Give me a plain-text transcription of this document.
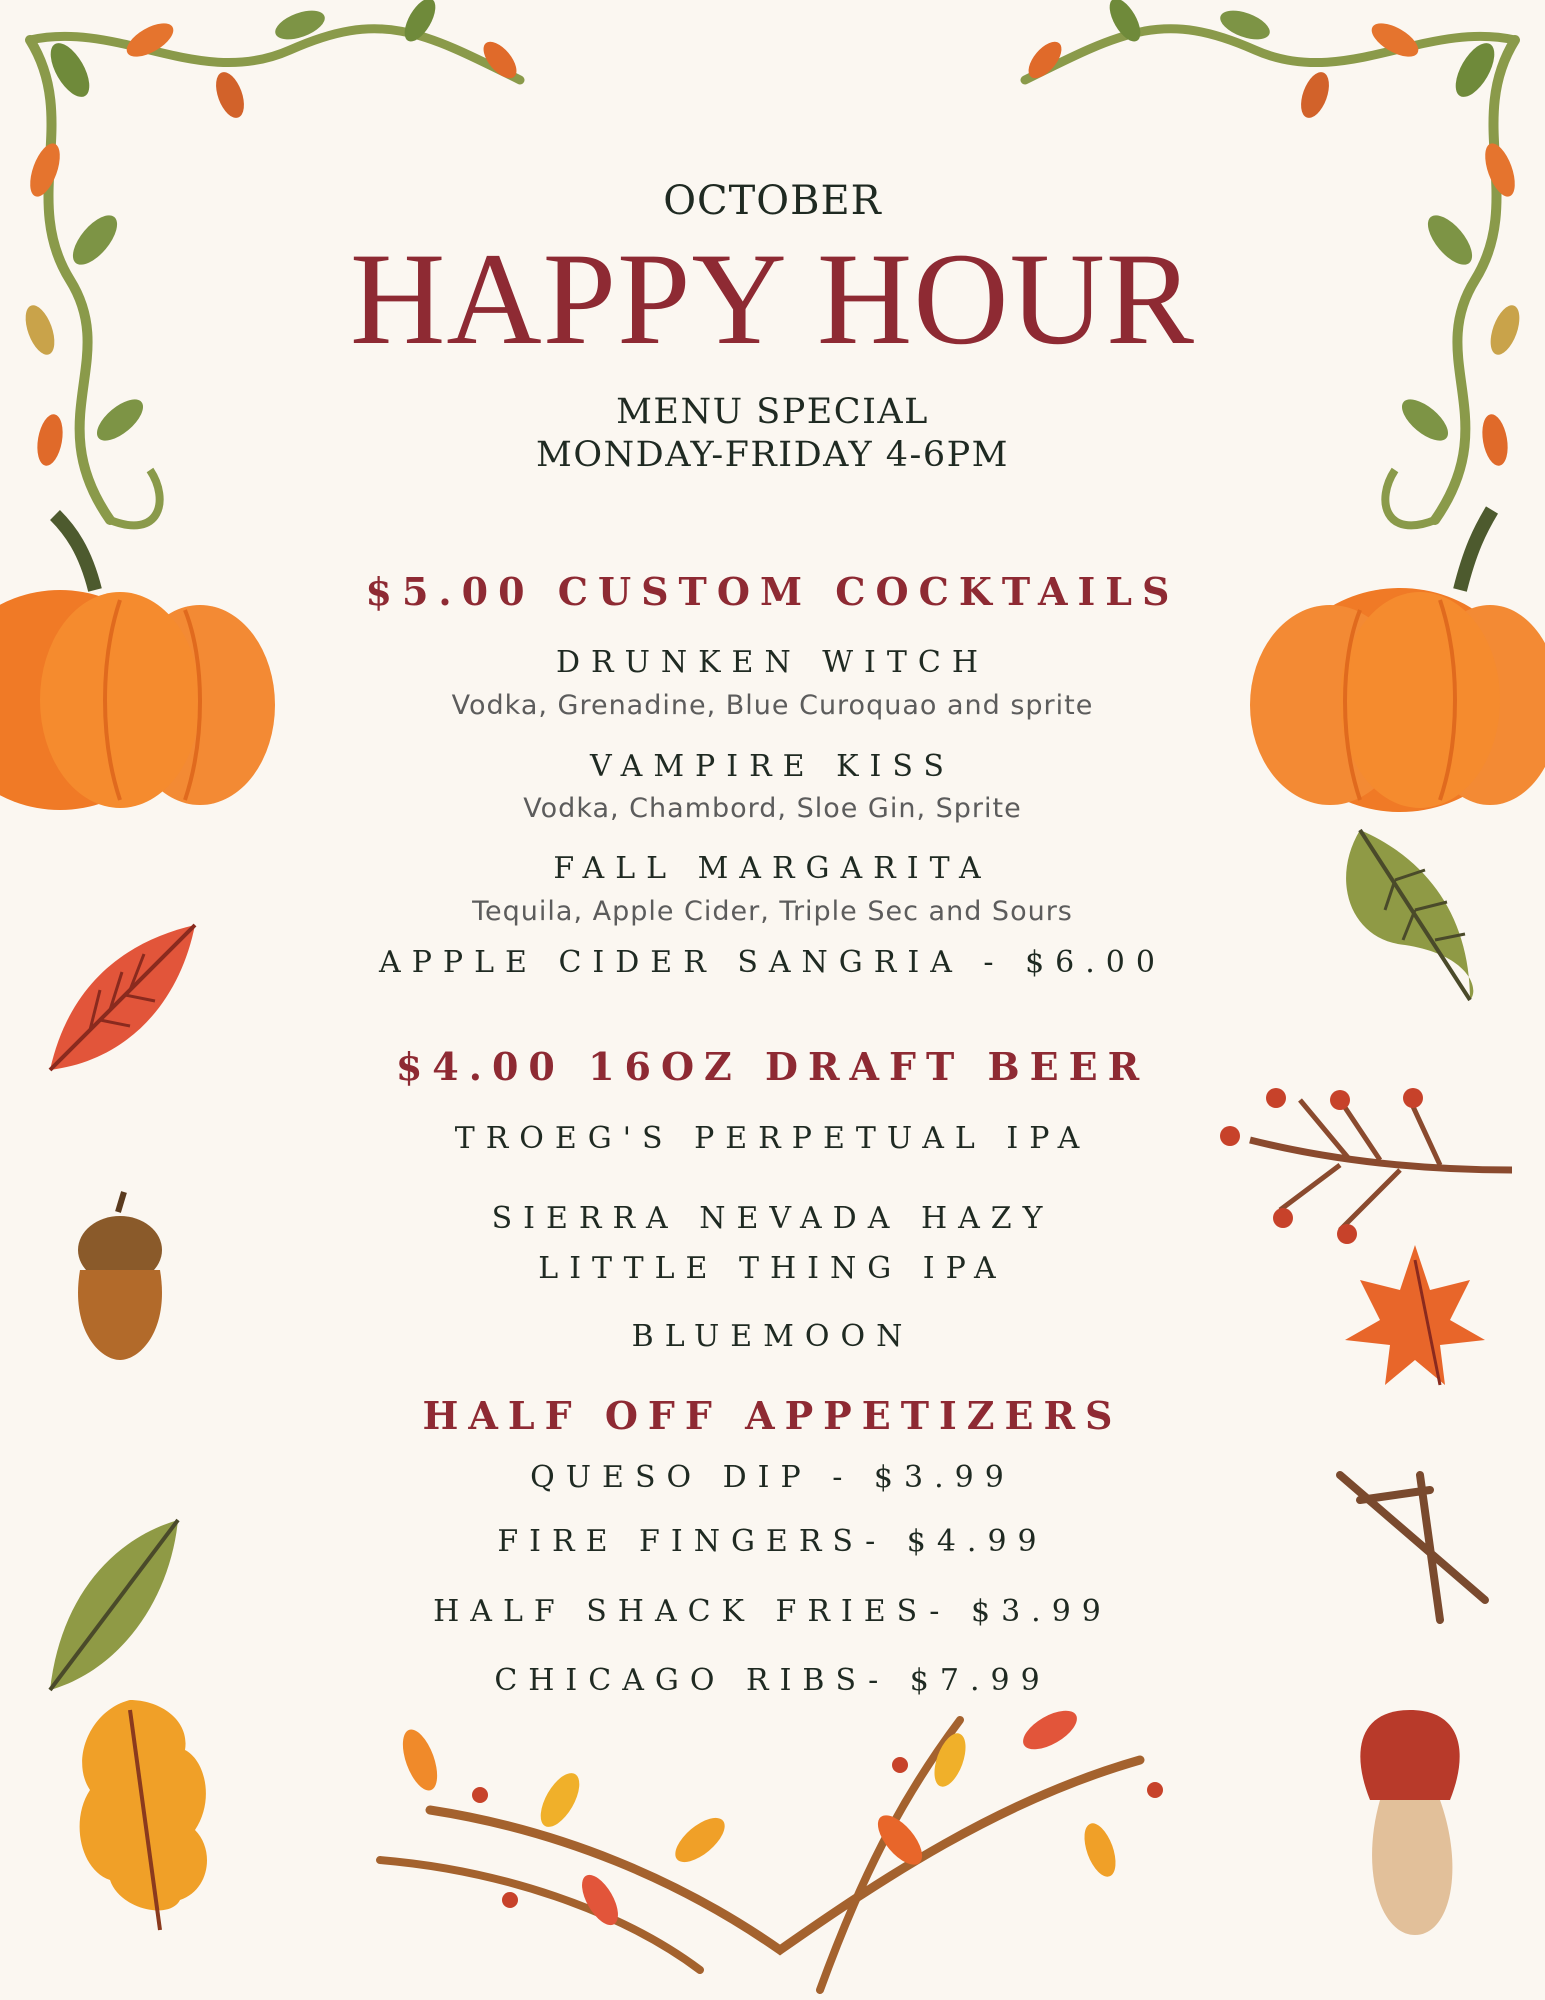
OCTOBER

HAPPY HOUR

MENU SPECIAL

MONDAY-FRIDAY 4-6PM

$5.00 CUSTOM COCKTAILS

DRUNKEN WITCH

Vodka, Grenadine, Blue Curoquao and sprite

VAMPIRE KISS

Vodka, Chambord, Sloe Gin, Sprite

FALL MARGARITA

Tequila, Apple Cider, Triple Sec and Sours

APPLE CIDER SANGRIA - $6.00

$4.00 16OZ DRAFT BEER

TROEG'S PERPETUAL IPA

SIERRA NEVADA HAZY

LITTLE THING IPA

BLUEMOON

HALF OFF APPETIZERS

QUESO DIP - $3.99

FIRE FINGERS- $4.99

HALF SHACK FRIES- $3.99

CHICAGO RIBS- $7.99
